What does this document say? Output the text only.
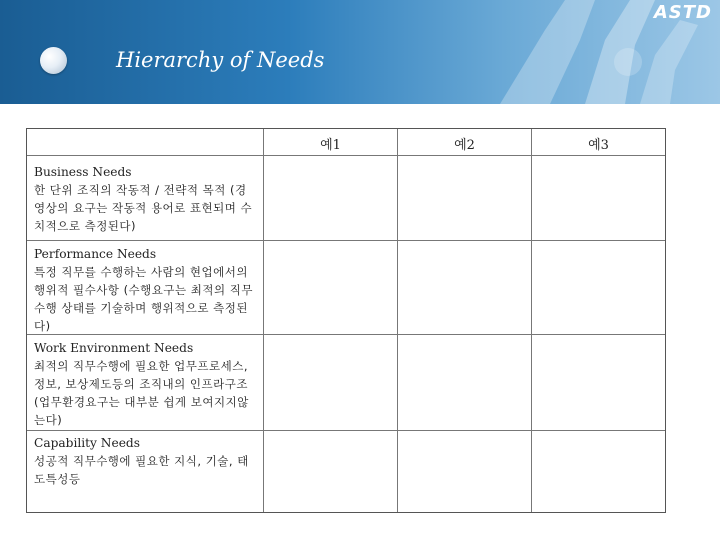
Hierarchy of Needs
ASTD
예1	예2	예3
Business Needs
한 단위 조직의 작동적 / 전략적 목적 (경영상의 요구는 작동적 용어로 표현되며 수치적으로 측정된다)
Performance Needs
특정 직무를 수행하는 사람의 현업에서의 행위적 필수사항 (수행요구는 최적의 직무수행 상태를 기술하며 행위적으로 측정된다)
Work Environment Needs
최적의 직무수행에 필요한 업무프로세스, 정보, 보상제도등의 조직내의 인프라구조 (업무환경요구는 대부분 쉽게 보여지지않는다)
Capability Needs
성공적 직무수행에 필요한 지식, 기술, 태도특성등
